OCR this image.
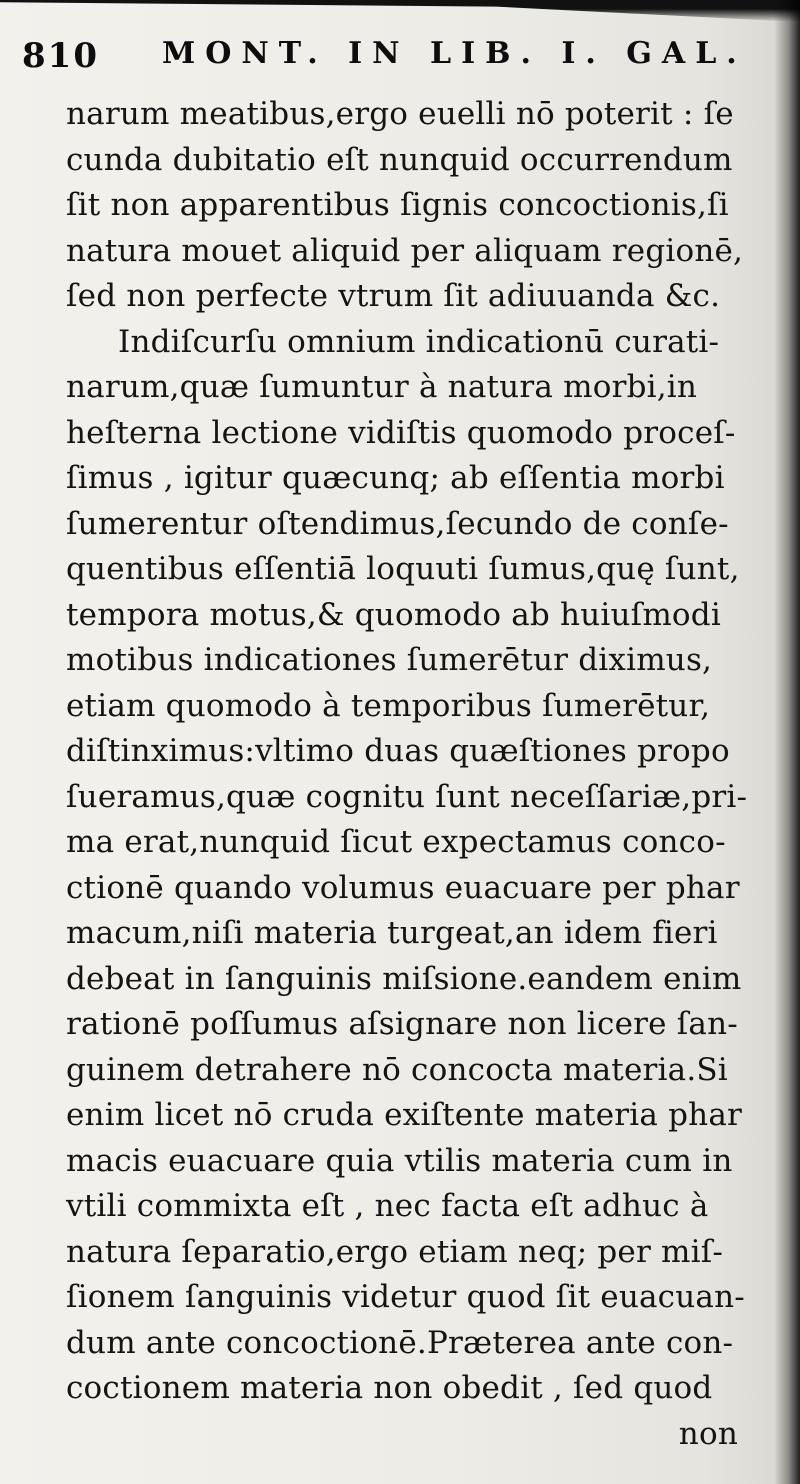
810 MONT. IN LIB. I. GAL.
narum meatibus,ergo euelli nō poterit : ſe
cunda dubitatio eſt nunquid occurrendum
ſit non apparentibus ſignis concoctionis,ſi
natura mouet aliquid per aliquam regionē,
ſed non perfecte vtrum ſit adiuuanda &c.
Indiſcurſu omnium indicationū curati-
narum,quæ ſumuntur à natura morbi,in
heſterna lectione vidiſtis quomodo proceſ-
ſimus , igitur quæcunq; ab eſſentia morbi
ſumerentur oſtendimus,ſecundo de conſe-
quentibus eſſentiā loquuti ſumus,quę ſunt,
tempora motus,& quomodo ab huiuſmodi
motibus indicationes ſumerētur diximus,
etiam quomodo à temporibus ſumerētur,
diſtinximus:vltimo duas quæſtiones propo
ſueramus,quæ cognitu ſunt neceſſariæ,pri-
ma erat,nunquid ſicut expectamus conco-
ctionē quando volumus euacuare per phar
macum,niſi materia turgeat,an idem fieri
debeat in ſanguinis miſsione.eandem enim
rationē poſſumus aſsignare non licere ſan-
guinem detrahere nō concocta materia.Si
enim licet nō cruda exiſtente materia phar
macis euacuare quia vtilis materia cum in
vtili commixta eſt , nec facta eſt adhuc à
natura ſeparatio,ergo etiam neq; per miſ-
ſionem ſanguinis videtur quod ſit euacuan-
dum ante concoctionē.Prӕterea ante con-
coctionem materia non obedit , ſed quod
non
